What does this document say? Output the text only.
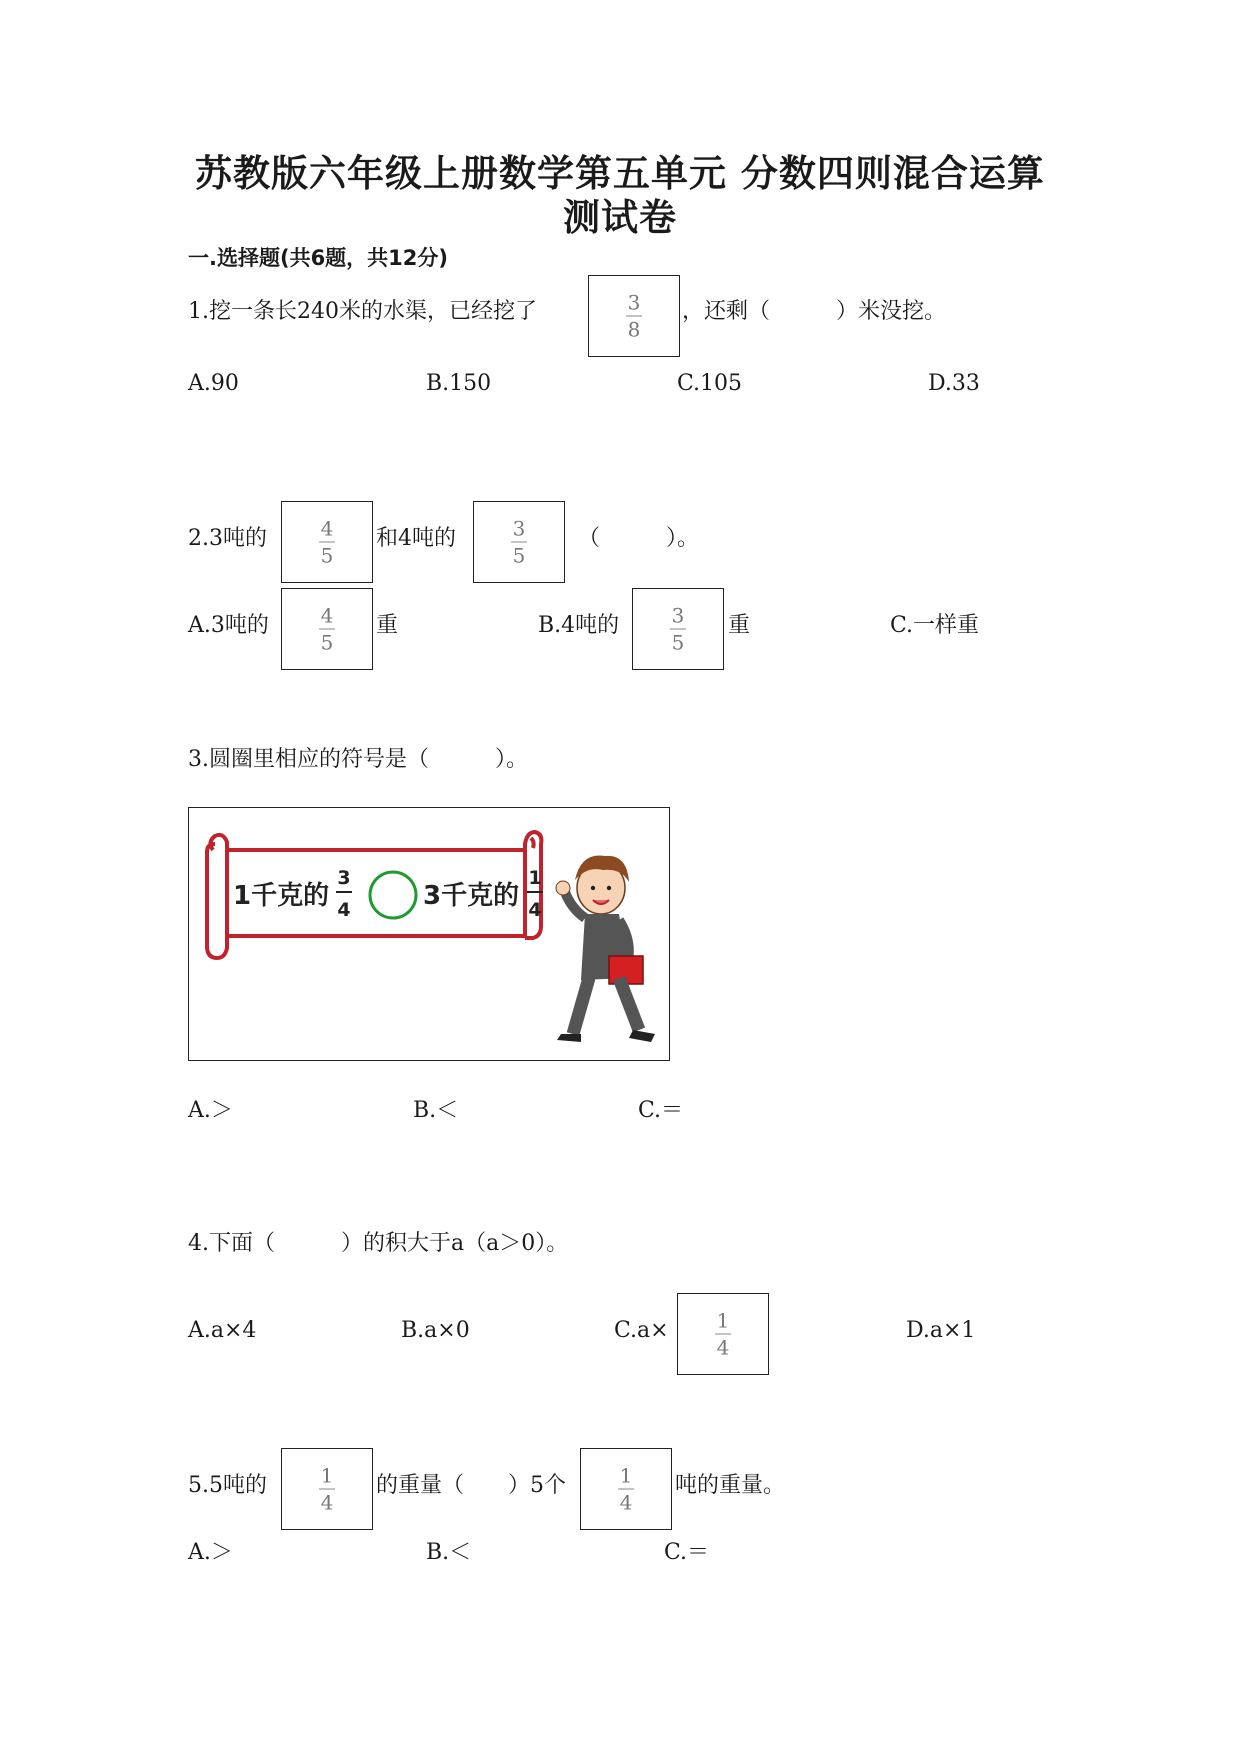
苏教版六年级上册数学第五单元 分数四则混合运算
测试卷
一.选择题(共6题，共12分)
1.挖一条长240米的水渠，已经挖了	3
8
，还剩（　　　）米没挖。
A.90	B.150	C.105	D.33
2.3吨的	4
5
和4吨的	3
5
（　　　）。
A.3吨的	4
5
重	B.4吨的	3
5
重	C.一样重
3.圆圈里相应的符号是（　　　）。
1千克的
3
4	3千克的
1
4
A.＞	B.＜	C.＝
4.下面（　　　）的积大于a（a＞0）。
A.a×4	B.a×0	C.a× 1
4
D.a×1
5.5吨的	1
4
的重量（　　）5个	1
4
吨的重量。
A.＞	B.＜	C.＝
